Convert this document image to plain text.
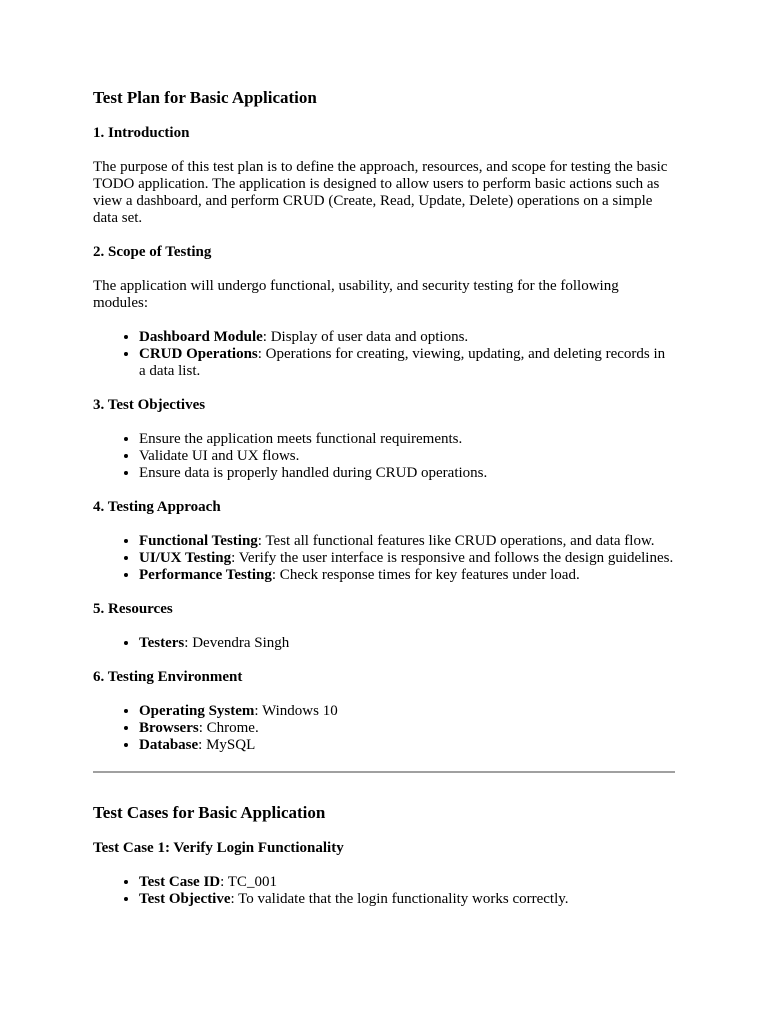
Test Plan for Basic Application
1. Introduction

The purpose of this test plan is to define the approach, resources, and scope for testing the basic TODO application. The application is designed to allow users to perform basic actions such as view a dashboard, and perform CRUD (Create, Read, Update, Delete) operations on a simple data set.

2. Scope of Testing

The application will undergo functional, usability, and security testing for the following modules:

• Dashboard Module: Display of user data and options.
• CRUD Operations: Operations for creating, viewing, updating, and deleting records in a data list.
3. Test Objectives
• Ensure the application meets functional requirements.
• Validate UI and UX flows.
• Ensure data is properly handled during CRUD operations.
4. Testing Approach
• Functional Testing: Test all functional features like CRUD operations, and data flow.
• UI/UX Testing: Verify the user interface is responsive and follows the design guidelines.
• Performance Testing: Check response times for key features under load.
5. Resources
• Testers: Devendra Singh
6. Testing Environment
• Operating System: Windows 10
• Browsers: Chrome.
• Database: MySQL
Test Cases for Basic Application
Test Case 1: Verify Login Functionality
• Test Case ID: TC_001
• Test Objective: To validate that the login functionality works correctly.
